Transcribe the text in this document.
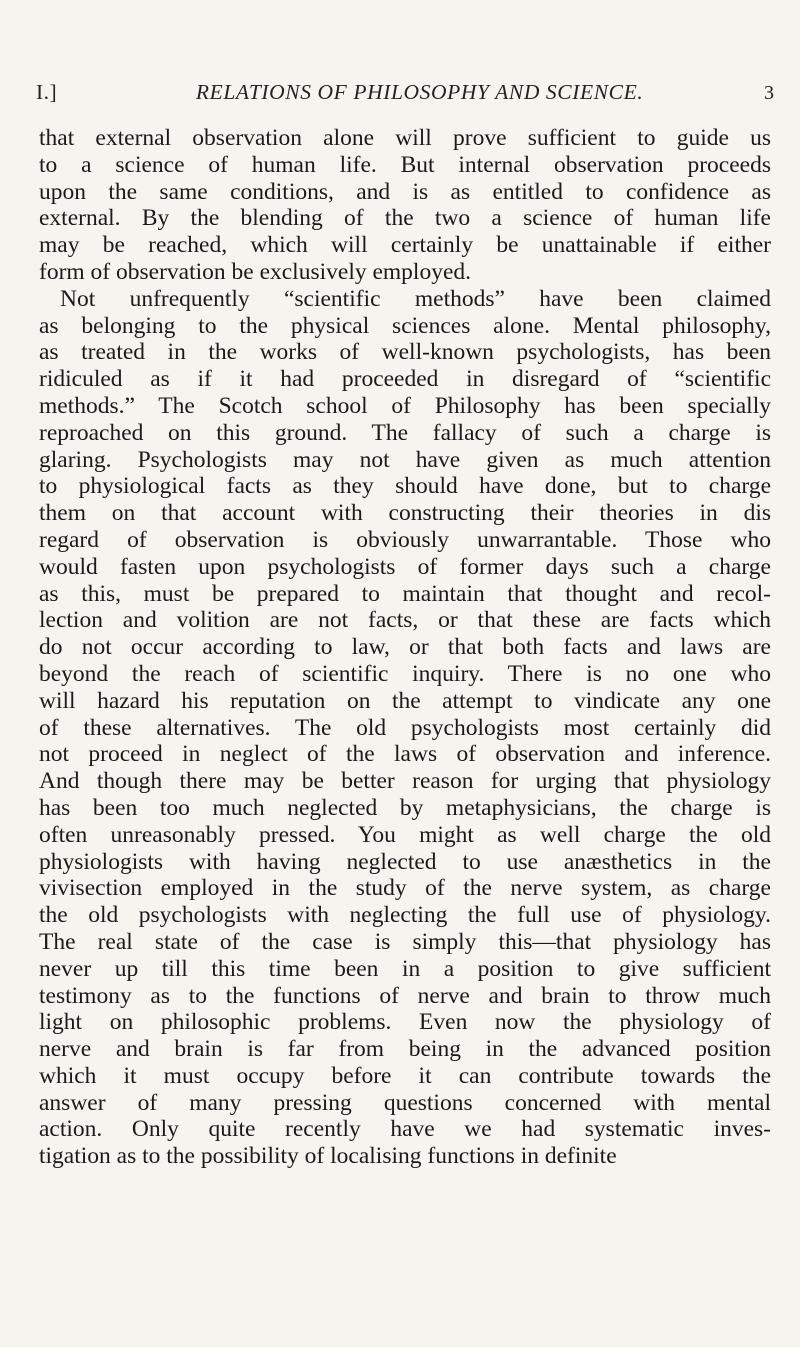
I.]	RELATIONS OF PHILOSOPHY AND SCIENCE.	3
that external observation alone will prove sufficient to guide us
to a science of human life. But internal observation proceeds
upon the same conditions, and is as entitled to confidence as
external. By the blending of the two a science of human life
may be reached, which will certainly be unattainable if either
form of observation be exclusively employed.
Not unfrequently “scientific methods” have been claimed
as belonging to the physical sciences alone. Mental philosophy,
as treated in the works of well-known psychologists, has been
ridiculed as if it had proceeded in disregard of “scientific
methods.” The Scotch school of Philosophy has been specially
reproached on this ground. The fallacy of such a charge is
glaring. Psychologists may not have given as much attention
to physiological facts as they should have done, but to charge
them on that account with constructing their theories in dis
regard of observation is obviously unwarrantable. Those who
would fasten upon psychologists of former days such a charge
as this, must be prepared to maintain that thought and recol-
lection and volition are not facts, or that these are facts which
do not occur according to law, or that both facts and laws are
beyond the reach of scientific inquiry. There is no one who
will hazard his reputation on the attempt to vindicate any one
of these alternatives. The old psychologists most certainly did
not proceed in neglect of the laws of observation and inference.
And though there may be better reason for urging that physiology
has been too much neglected by metaphysicians, the charge is
often unreasonably pressed. You might as well charge the old
physiologists with having neglected to use anæsthetics in the
vivisection employed in the study of the nerve system, as charge
the old psychologists with neglecting the full use of physiology.
The real state of the case is simply this—that physiology has
never up till this time been in a position to give sufficient
testimony as to the functions of nerve and brain to throw much
light on philosophic problems. Even now the physiology of
nerve and brain is far from being in the advanced position
which it must occupy before it can contribute towards the
answer of many pressing questions concerned with mental
action. Only quite recently have we had systematic inves-
tigation as to the possibility of localising functions in definite
